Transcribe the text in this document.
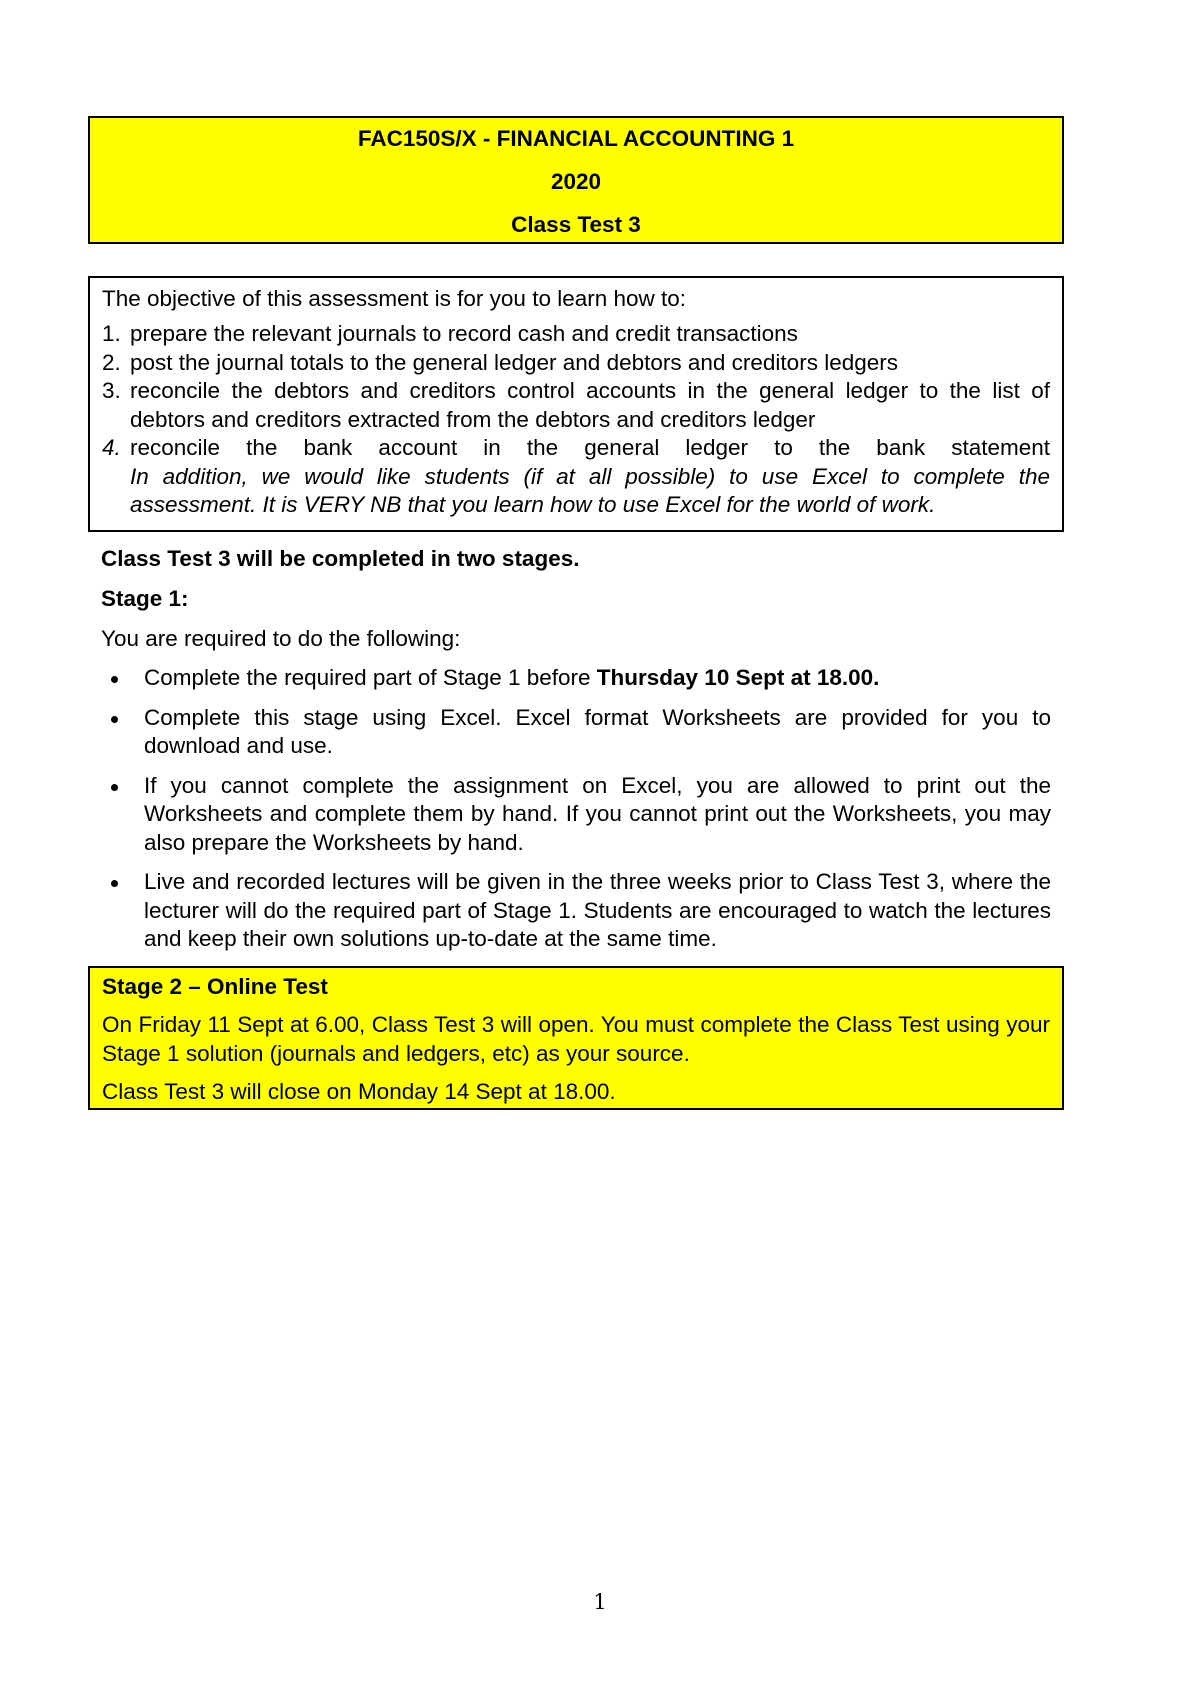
FAC150S/X - FINANCIAL ACCOUNTING 1
2020
Class Test 3

The objective of this assessment is for you to learn how to:

1. prepare the relevant journals to record cash and credit transactions
2. post the journal totals to the general ledger and debtors and creditors ledgers
3. reconcile the debtors and creditors control accounts in the general ledger to the list of debtors and creditors extracted from the debtors and creditors ledger
4. reconcile the bank account in the general ledger to the bank statement
In addition, we would like students (if at all possible) to use Excel to complete the assessment. It is VERY NB that you learn how to use Excel for the world of work.

Class Test 3 will be completed in two stages.

Stage 1:

You are required to do the following:

Complete the required part of Stage 1 before Thursday 10 Sept at 18.00.
Complete this stage using Excel. Excel format Worksheets are provided for you to download and use.
If you cannot complete the assignment on Excel, you are allowed to print out the Worksheets and complete them by hand. If you cannot print out the Worksheets, you may also prepare the Worksheets by hand.
Live and recorded lectures will be given in the three weeks prior to Class Test 3, where the lecturer will do the required part of Stage 1. Students are encouraged to watch the lectures and keep their own solutions up-to-date at the same time.

Stage 2 – Online Test

On Friday 11 Sept at 6.00, Class Test 3 will open. You must complete the Class Test using your Stage 1 solution (journals and ledgers, etc) as your source.

Class Test 3 will close on Monday 14 Sept at 18.00.

1
